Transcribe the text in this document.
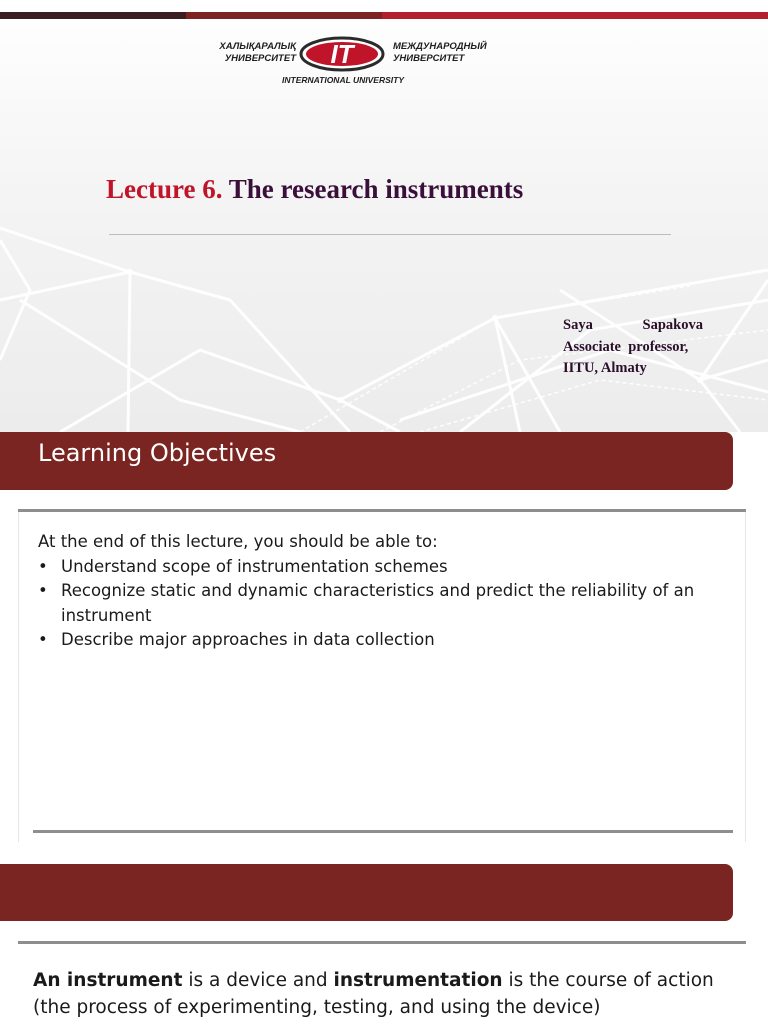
ХАЛЫҚАРАЛЫҚ
УНИВЕРСИТЕТ IT	МЕЖДУНАРОДНЫЙ
УНИВЕРСИТЕТ
INTERNATIONAL UNIVERSITY
Lecture 6. The research instruments
Saya	Sapakova
Associate  professor,
IITU, Almaty
Learning Objectives
At the end of this lecture, you should be able to:
• Understand scope of instrumentation schemes
• Recognize static and dynamic characteristics and predict the reliability of an instrument
• Describe major approaches in data collection
An instrument is a device and instrumentation is the course of action (the process of experimenting, testing, and using the device)
